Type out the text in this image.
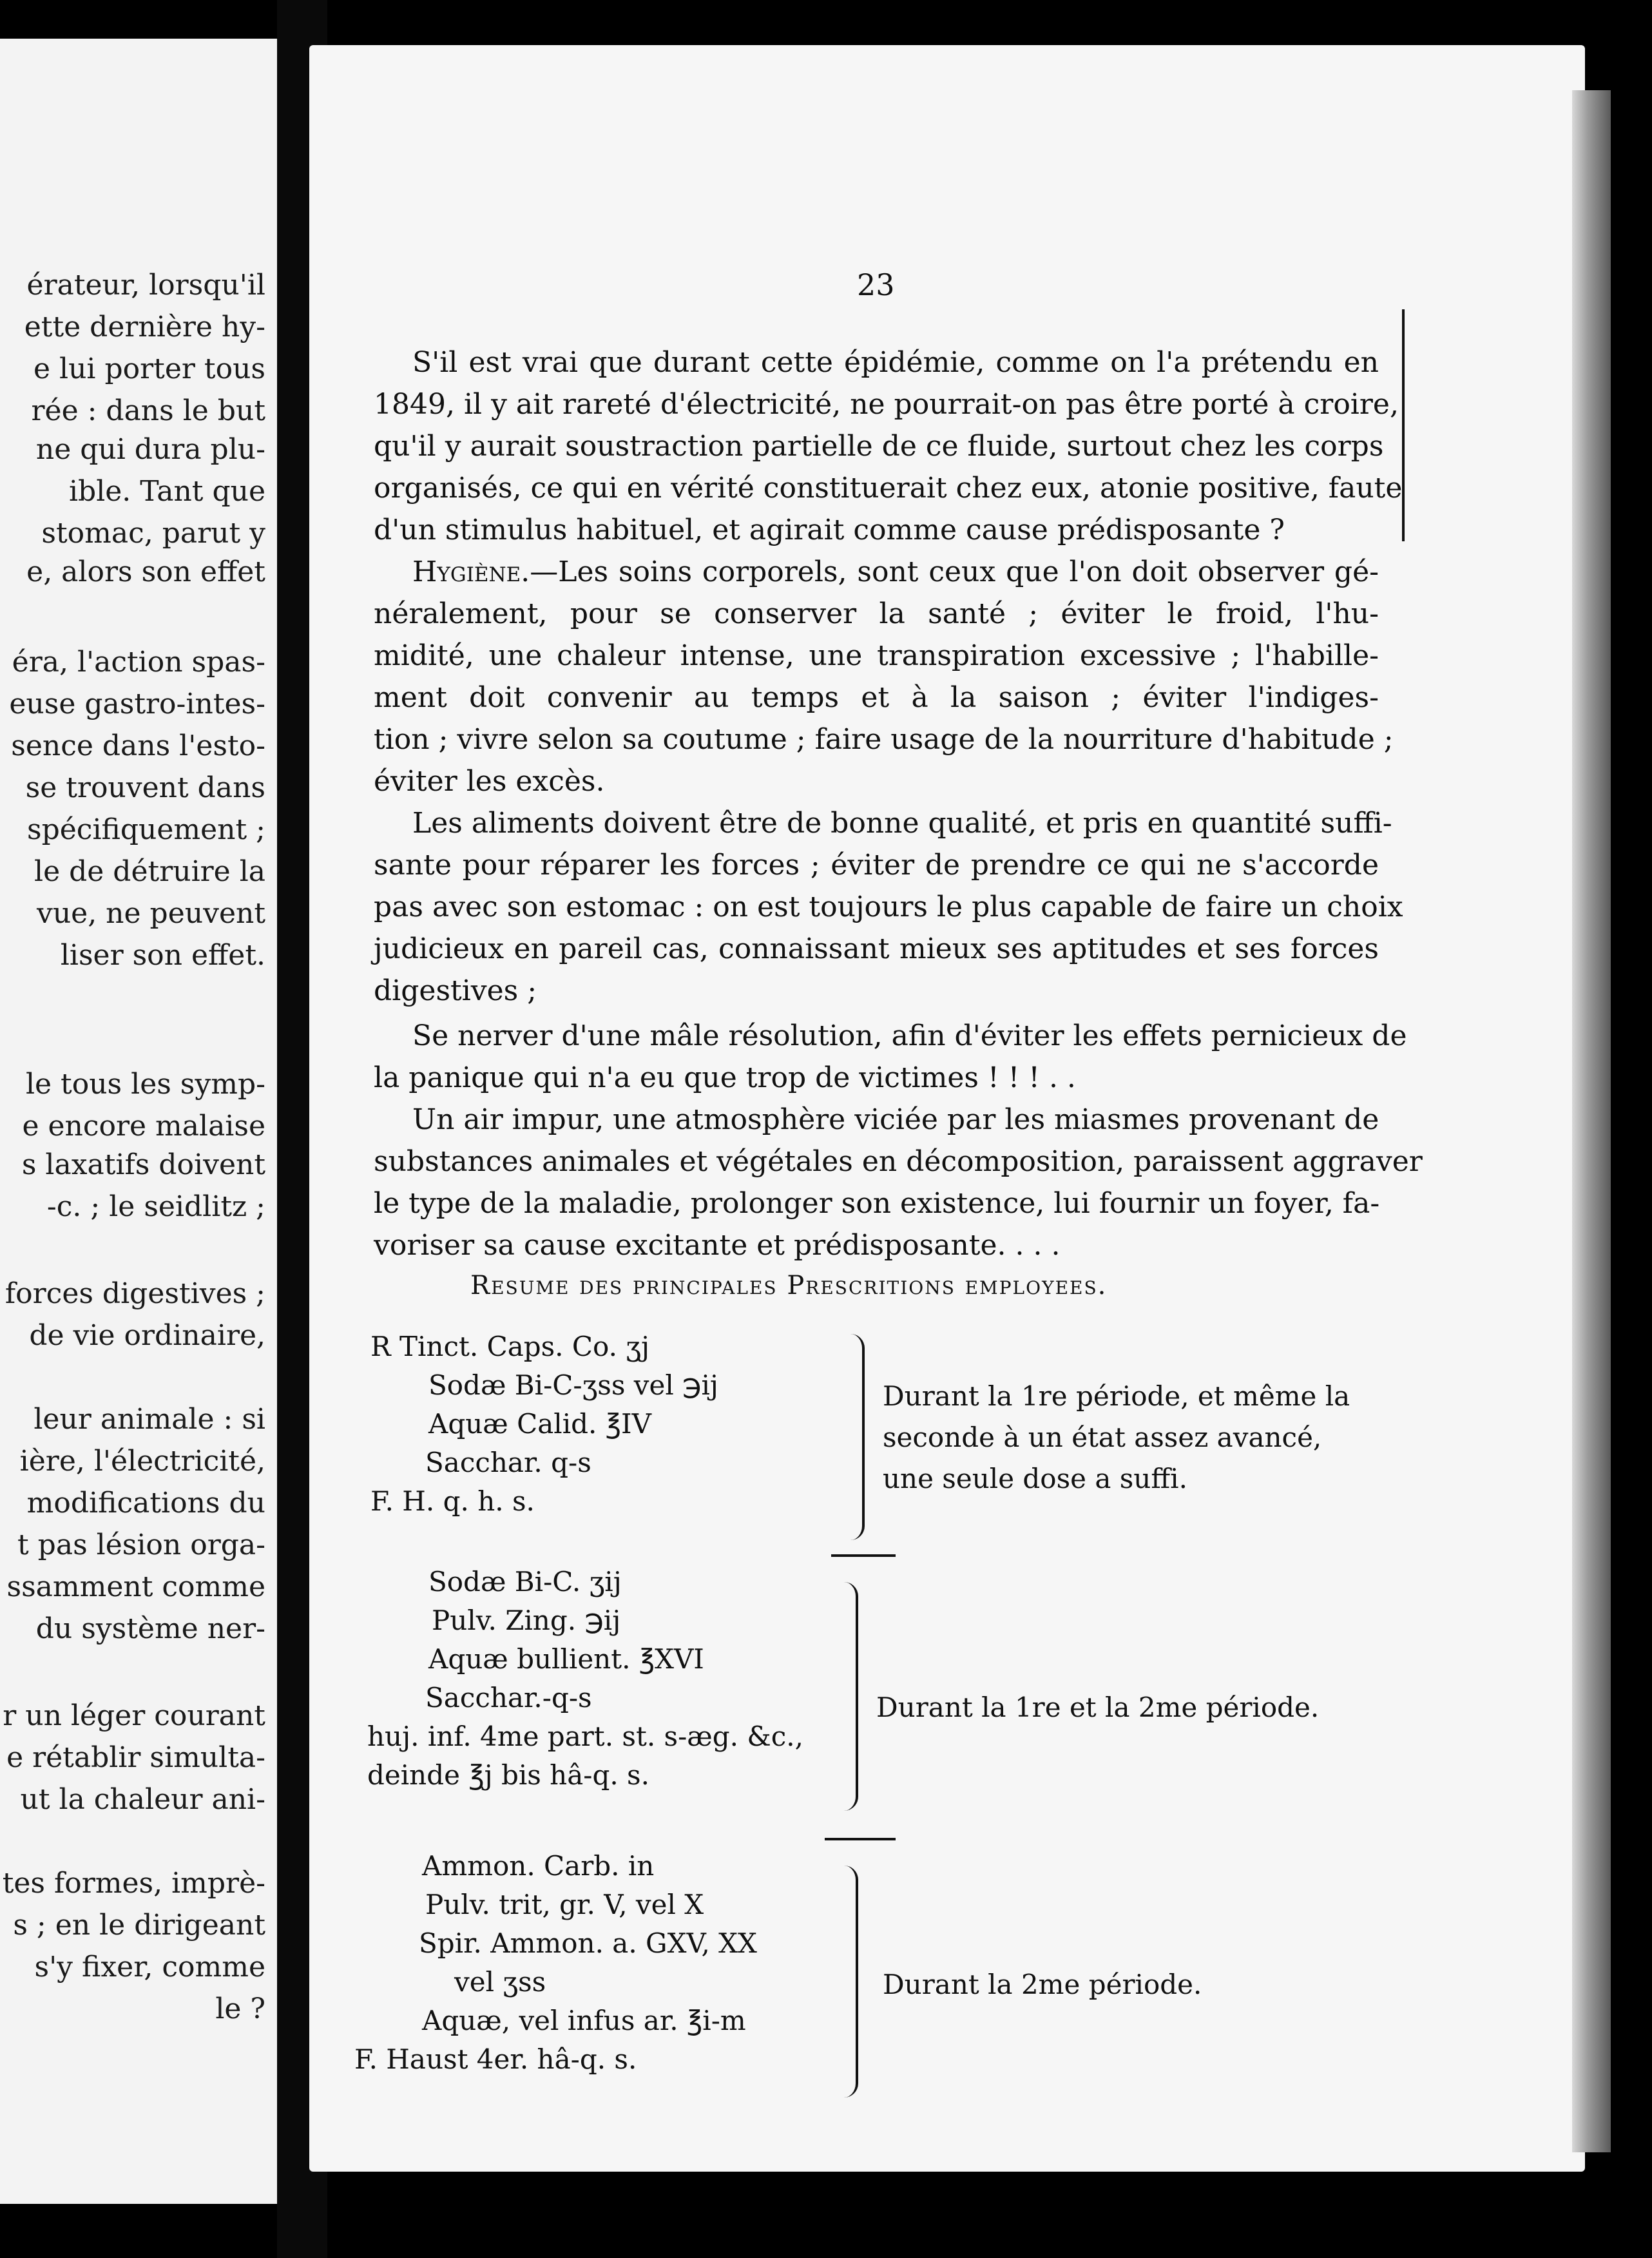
érateur, lorsqu'il
ette dernière hy-
e lui porter tous
rée : dans le but
ne qui dura plu-
ible. Tant que
stomac, parut y
e, alors son effet
éra, l'action spas-
euse gastro-intes-
sence dans l'esto-
se trouvent dans
spécifiquement ;
le de détruire la
vue, ne peuvent
liser son effet.
le tous les symp-
e encore malaise
s laxatifs doivent
-c. ; le seidlitz ;
forces digestives ;
de vie ordinaire,
leur animale : si
ière, l'électricité,
modifications du
t pas lésion orga-
ssamment comme
du système ner-
r un léger courant
e rétablir simulta-
ut la chaleur ani-
tes formes, imprè-
s ; en le dirigeant
s'y fixer, comme
le ?
23
S'il est vrai que durant cette épidémie, comme on l'a prétendu en
1849, il y ait rareté d'électricité, ne pourrait-on pas être porté à croire,
qu'il y aurait soustraction partielle de ce fluide, surtout chez les corps
organisés, ce qui en vérité constituerait chez eux, atonie positive, faute
d'un stimulus habituel, et agirait comme cause prédisposante ?
Hygiène.—Les soins corporels, sont ceux que l'on doit observer gé-
néralement, pour se conserver la santé ; éviter le froid, l'hu-
midité, une chaleur intense, une transpiration excessive ; l'habille-
ment doit convenir au temps et à la saison ; éviter l'indiges-
tion ; vivre selon sa coutume ; faire usage de la nourriture d'habitude ;
éviter les excès.
Les aliments doivent être de bonne qualité, et pris en quantité suffi-
sante pour réparer les forces ; éviter de prendre ce qui ne s'accorde
pas avec son estomac : on est toujours le plus capable de faire un choix
judicieux en pareil cas, connaissant mieux ses aptitudes et ses forces
digestives ;
Se nerver d'une mâle résolution, afin d'éviter les effets pernicieux de
la panique qui n'a eu que trop de victimes ! ! ! . .
Un air impur, une atmosphère viciée par les miasmes provenant de
substances animales et végétales en décomposition, paraissent aggraver
le type de la maladie, prolonger son existence, lui fournir un foyer, fa-
voriser sa cause excitante et prédisposante. . . .
Resume des principales Prescritions employees.
R Tinct. Caps. Co. ʒj
Sodæ Bi-C-ʒss vel ℈ij
Aquæ Calid. ℥IV
Sacchar. q-s
F. H. q. h. s.
Durant la 1re période, et même la
seconde à un état assez avancé,
une seule dose a suffi.
Sodæ Bi-C. ʒij
Pulv. Zing. ℈ij
Aquæ bullient. ℥XVI
Sacchar.-q-s
huj. inf. 4me part. st. s-æg. &c.,
deinde ℥j bis hâ-q. s.
Durant la 1re et la 2me période.
Ammon. Carb. in
Pulv. trit, gr. V, vel X
Spir. Ammon. a. GXV, XX
vel ʒss
Aquæ, vel infus ar. ℥i-m
F. Haust 4er. hâ-q. s.
Durant la 2me période.
